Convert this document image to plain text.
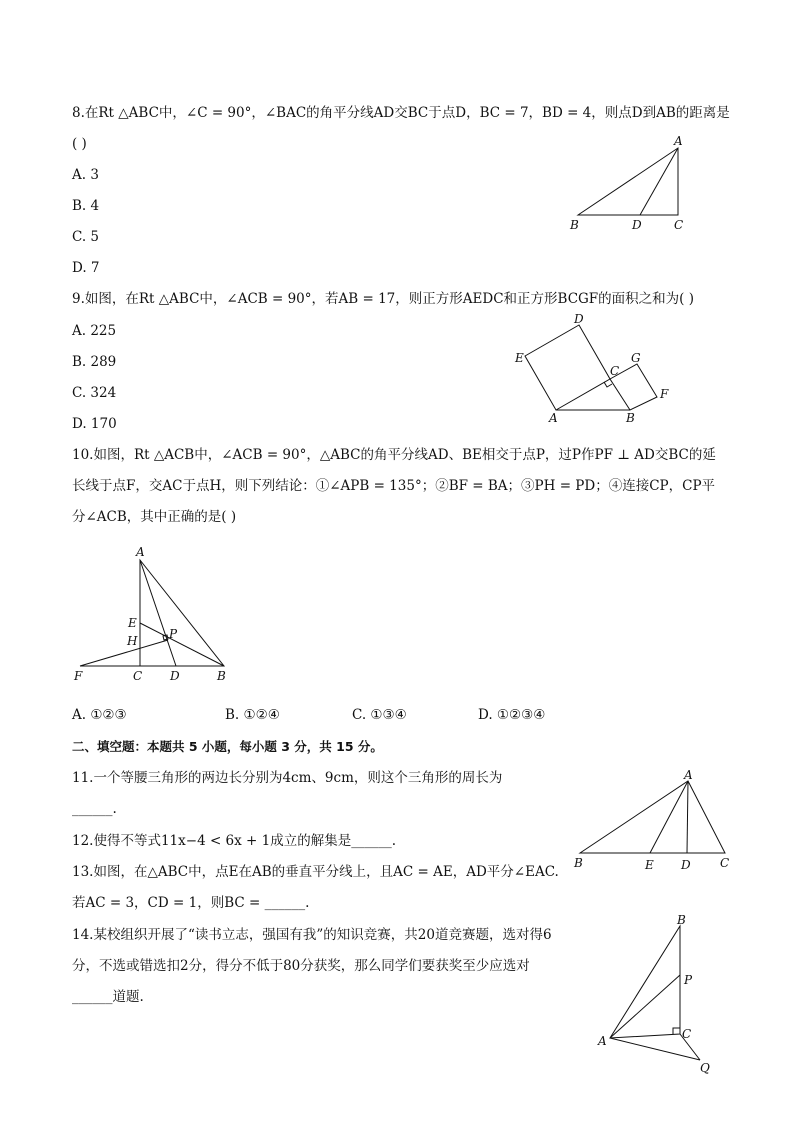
8.在Rt △ABC中，∠C = 90°，∠BAC的角平分线AD交BC于点D，BC = 7，BD = 4，则点D到AB的距离是
( )
A. 3
B. 4
C. 5
D. 7
A
B	D	C
9.如图，在Rt △ABC中，∠ACB = 90°，若AB = 17，则正方形AEDC和正方形BCGF的面积之和为( )
A. 225
B. 289
C. 324
D. 170
D
E
C
G
F
A	B
10.如图，Rt △ACB中，∠ACB = 90°，△ABC的角平分线AD、BE相交于点P，过P作PF ⊥ AD交BC的延
长线于点F，交AC于点H，则下列结论：①∠APB = 135°；②BF = BA；③PH = PD；④连接CP，CP平
分∠ACB，其中正确的是( )
A
E
H	P
F	C D	B
A. ①②③	B. ①②④	C. ①③④	D. ①②③④
二、填空题：本题共 5 小题，每小题 3 分，共 15 分。
11.一个等腰三角形的两边长分别为4cm、9cm，则这个三角形的周长为
______.
A
B	E D C
12.使得不等式11x−4 < 6x + 1成立的解集是______.
13.如图，在△ABC中，点E在AB的垂直平分线上，且AC = AE，AD平分∠EAC.
若AC = 3，CD = 1，则BC = ______.
14.某校组织开展了“读书立志，强国有我”的知识竞赛，共20道竞赛题，选对得6
分，不选或错选扣2分，得分不低于80分获奖，那么同学们要获奖至少应选对
______道题.
B
P
A	C
Q
